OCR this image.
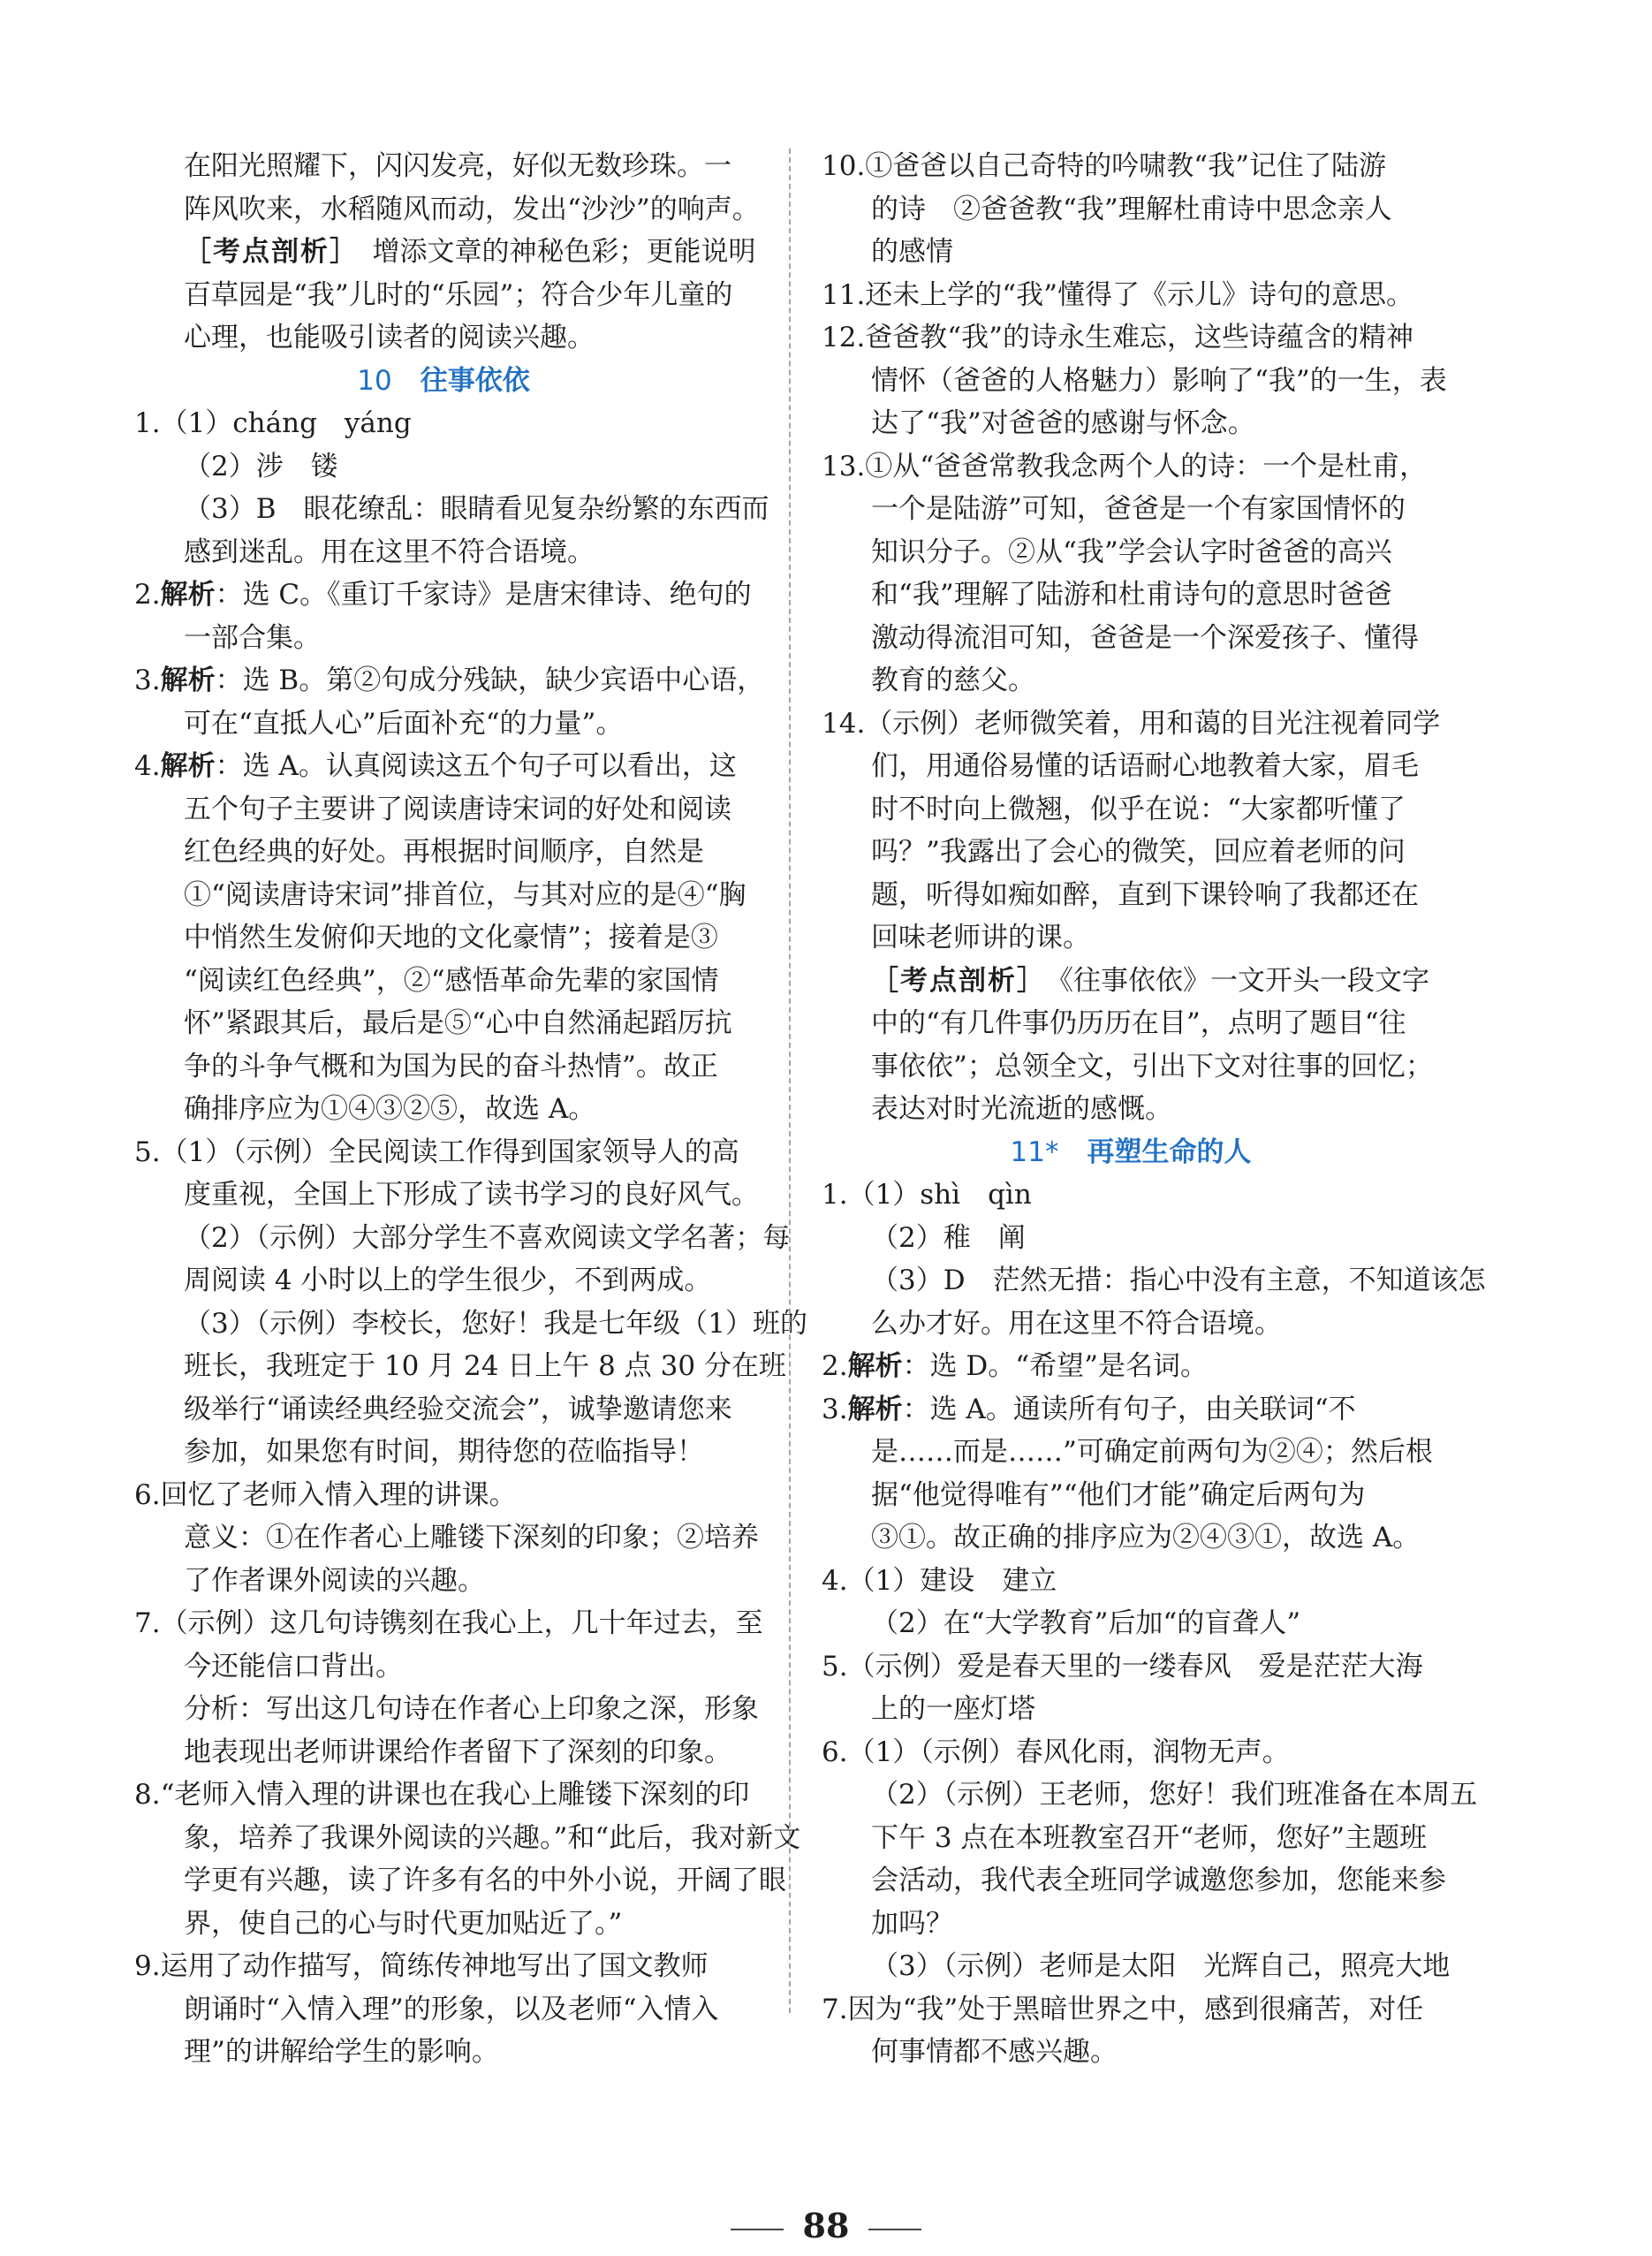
在阳光照耀下，闪闪发亮，好似无数珍珠。一
阵风吹来，水稻随风而动，发出“沙沙”的响声。
［考点剖析］　 增添文章的神秘色彩；更能说明
百草园是“我”儿时的“乐园”；符合少年儿童的
心理，也能吸引读者的阅读兴趣。
10 往事依依
1.（1）cháng　yáng
（2）涉　镂
（3）B　眼花缭乱：眼睛看见复杂纷繁的东西而
感到迷乱。用在这里不符合语境。
2.解析：选 C。《重订千家诗》是唐宋律诗、绝句的
一部合集。
3.解析：选 B。第②句成分残缺，缺少宾语中心语，
可在“直抵人心”后面补充“的力量”。
4.解析：选 A。认真阅读这五个句子可以看出，这
五个句子主要讲了阅读唐诗宋词的好处和阅读
红色经典的好处。再根据时间顺序，自然是
①“阅读唐诗宋词”排首位，与其对应的是④“胸
中悄然生发俯仰天地的文化豪情”；接着是③
“阅读红色经典”，②“感悟革命先辈的家国情
怀”紧跟其后，最后是⑤“心中自然涌起蹈厉抗
争的斗争气概和为国为民的奋斗热情”。故正
确排序应为①④③②⑤，故选 A。
5.（1）（示例）全民阅读工作得到国家领导人的高
度重视，全国上下形成了读书学习的良好风气。
（2）（示例）大部分学生不喜欢阅读文学名著；每
周阅读 4 小时以上的学生很少，不到两成。
（3）（示例）李校长，您好！我是七年级（1）班的
班长，我班定于 10 月 24 日上午 8 点 30 分在班
级举行“诵读经典经验交流会”，诚挚邀请您来
参加，如果您有时间，期待您的莅临指导！
6.回忆了老师入情入理的讲课。
意义：①在作者心上雕镂下深刻的印象；②培养
了作者课外阅读的兴趣。
7.（示例）这几句诗镌刻在我心上，几十年过去，至
今还能信口背出。
分析：写出这几句诗在作者心上印象之深，形象
地表现出老师讲课给作者留下了深刻的印象。
8.“老师入情入理的讲课也在我心上雕镂下深刻的印
象，培养了我课外阅读的兴趣。”和“此后，我对新文
学更有兴趣，读了许多有名的中外小说，开阔了眼
界，使自己的心与时代更加贴近了。”
9.运用了动作描写，简练传神地写出了国文教师
朗诵时“入情入理”的形象，以及老师“入情入
理”的讲解给学生的影响。
10.①爸爸以自己奇特的吟啸教“我”记住了陆游
的诗　②爸爸教“我”理解杜甫诗中思念亲人
的感情
11.还未上学的“我”懂得了《示儿》诗句的意思。
12.爸爸教“我”的诗永生难忘，这些诗蕴含的精神
情怀（爸爸的人格魅力）影响了“我”的一生，表
达了“我”对爸爸的感谢与怀念。
13.①从“爸爸常教我念两个人的诗：一个是杜甫，
一个是陆游”可知，爸爸是一个有家国情怀的
知识分子。②从“我”学会认字时爸爸的高兴
和“我”理解了陆游和杜甫诗句的意思时爸爸
激动得流泪可知，爸爸是一个深爱孩子、懂得
教育的慈父。
14.（示例）老师微笑着，用和蔼的目光注视着同学
们，用通俗易懂的话语耐心地教着大家，眉毛
时不时向上微翘，似乎在说：“大家都听懂了
吗？”我露出了会心的微笑，回应着老师的问
题，听得如痴如醉，直到下课铃响了我都还在
回味老师讲的课。
［考点剖析］　 《往事依依》一文开头一段文字
中的“有几件事仍历历在目”，点明了题目“往
事依依”；总领全文，引出下文对往事的回忆；
表达对时光流逝的感慨。
11* 再塑生命的人
1.（1）shì　qìn
（2）稚　阐
（3）D　茫然无措：指心中没有主意，不知道该怎
么办才好。用在这里不符合语境。
2.解析：选 D。“希望”是名词。
3.解析：选 A。通读所有句子，由关联词“不
是……而是……”可确定前两句为②④；然后根
据“他觉得唯有”“他们才能”确定后两句为
③①。故正确的排序应为②④③①，故选 A。
4.（1）建设　建立
（2）在“大学教育”后加“的盲聋人”
5.（示例）爱是春天里的一缕春风　爱是茫茫大海
上的一座灯塔
6.（1）（示例）春风化雨，润物无声。
（2）（示例）王老师，您好！我们班准备在本周五
下午 3 点在本班教室召开“老师，您好”主题班
会活动，我代表全班同学诚邀您参加，您能来参
加吗？
（3）（示例）老师是太阳　光辉自己，照亮大地
7.因为“我”处于黑暗世界之中，感到很痛苦，对任
何事情都不感兴趣。
88
